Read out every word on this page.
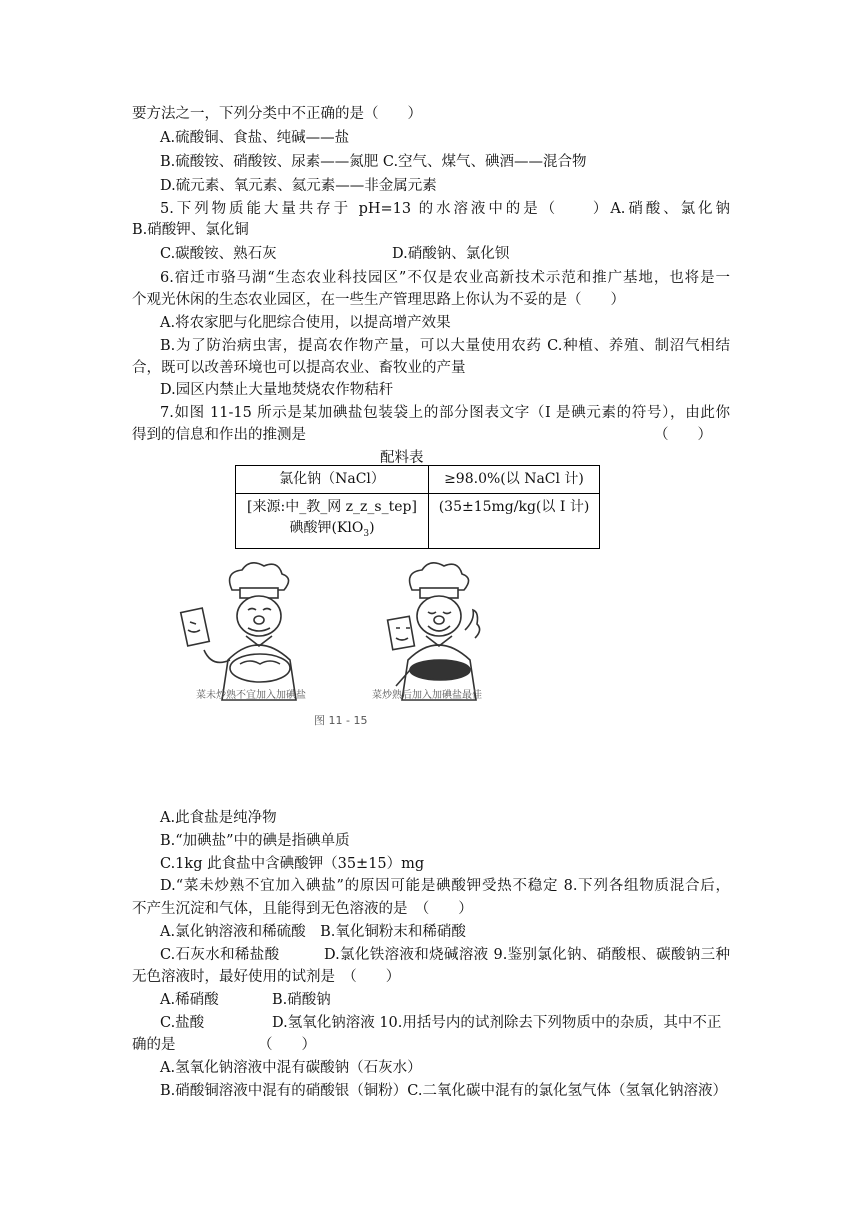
要方法之一，下列分类中不正确的是（　　）
A.硫酸铜、食盐、纯碱——盐
B.硫酸铵、硝酸铵、尿素——氮肥 C.空气、煤气、碘酒——混合物
D.硫元素、氧元素、氦元素——非金属元素
5.下列物质能大量共存于 pH=13 的水溶液中的是（　　）A.硝酸、氯化钠
B.硝酸钾、氯化铜
C.碳酸铵、熟石灰	D.硝酸钠、氯化钡
6.宿迁市骆马湖“生态农业科技园区”不仅是农业高新技术示范和推广基地，也将是一
个观光休闲的生态农业园区，在一些生产管理思路上你认为不妥的是（　　）
A.将农家肥与化肥综合使用，以提高增产效果
B.为了防治病虫害，提高农作物产量，可以大量使用农药 C.种植、养殖、制沼气相结
合，既可以改善环境也可以提高农业、畜牧业的产量
D.园区内禁止大量地焚烧农作物秸秆
7.如图 11-15 所示是某加碘盐包装袋上的部分图表文字（I 是碘元素的符号），由此你
得到的信息和作出的推测是	（　　）
配料表
氯化钠（NaCl）	≥98.0%(以 NaCl 计)

[来源:中_教_网 z_z_s_tep]
碘酸钾(KlO$_3$)	(35±15mg/kg(以 I 计)
菜未炒熟不宜加入加碘盐	菜炒熟后加入加碘盐最佳
图 11 - 15
A.此食盐是纯净物
B.“加碘盐”中的碘是指碘单质
C.1kg 此食盐中含碘酸钾（35±15）mg
D.“菜未炒熟不宜加入碘盐”的原因可能是碘酸钾受热不稳定 8.下列各组物质混合后，
不产生沉淀和气体，且能得到无色溶液的是　（　　）
A.氯化钠溶液和稀硫酸　B.氧化铜粉末和稀硝酸
C.石灰水和稀盐酸　　　D.氯化铁溶液和烧碱溶液 9.鉴别氯化钠、硝酸根、碳酸钠三种
无色溶液时，最好使用的试剂是　（　　）
A.稀硝酸	B.硝酸钠
C.盐酸	D.氢氧化钠溶液 10.用括号内的试剂除去下列物质中的杂质，其中不正
确的是	（　　）
A.氢氧化钠溶液中混有碳酸钠（石灰水）
B.硝酸铜溶液中混有的硝酸银（铜粉）C.二氧化碳中混有的氯化氢气体（氢氧化钠溶液）
